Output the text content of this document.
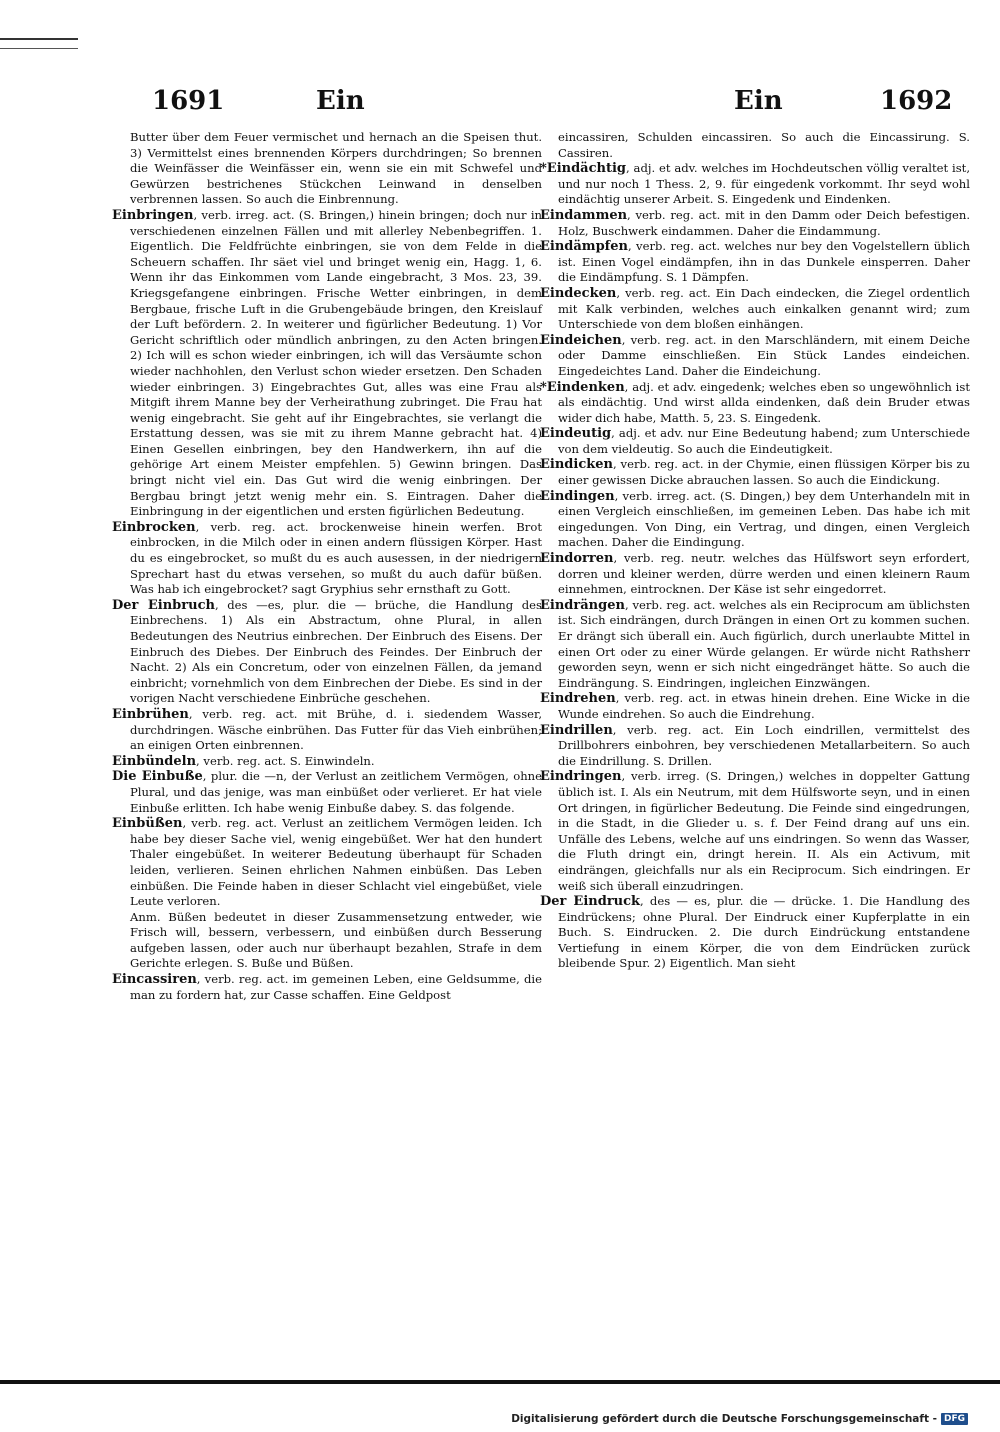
1691	Ein	Ein	1692

Butter über dem Feuer vermischet und hernach an die Speisen thut. 3) Vermittelst eines brennenden Körpers durchdringen; So brennen die Weinfässer die Weinfässer ein, wenn sie ein mit Schwefel und Gewürzen bestrichenes Stückchen Leinwand in denselben verbrennen lassen. So auch die Einbrennung.

Einbringen, verb. irreg. act. (S. Bringen,) hinein bringen; doch nur in verschiedenen einzelnen Fällen und mit allerley Nebenbegriffen. 1. Eigentlich. Die Feldfrüchte einbringen, sie von dem Felde in die Scheuern schaffen. Ihr säet viel und bringet wenig ein, Hagg. 1, 6. Wenn ihr das Einkommen vom Lande eingebracht, 3 Mos. 23, 39. Kriegsgefangene einbringen. Frische Wetter einbringen, in dem Bergbaue, frische Luft in die Grubengebäude bringen, den Kreislauf der Luft befördern. 2. In weiterer und figürlicher Bedeutung. 1) Vor Gericht schriftlich oder mündlich anbringen, zu den Acten bringen. 2) Ich will es schon wieder einbringen, ich will das Versäumte schon wieder nachhohlen, den Verlust schon wieder ersetzen. Den Schaden wieder einbringen. 3) Eingebrachtes Gut, alles was eine Frau als Mitgift ihrem Manne bey der Verheirathung zubringet. Die Frau hat wenig eingebracht. Sie geht auf ihr Eingebrachtes, sie verlangt die Erstattung dessen, was sie mit zu ihrem Manne gebracht hat. 4) Einen Gesellen einbringen, bey den Handwerkern, ihn auf die gehörige Art einem Meister empfehlen. 5) Gewinn bringen. Das bringt nicht viel ein. Das Gut wird die wenig einbringen. Der Bergbau bringt jetzt wenig mehr ein. S. Eintragen. Daher die Einbringung in der eigentlichen und ersten figürlichen Bedeutung.

Einbrocken, verb. reg. act. brockenweise hinein werfen. Brot einbrocken, in die Milch oder in einen andern flüssigen Körper. Hast du es eingebrocket, so mußt du es auch ausessen, in der niedrigern Sprechart hast du etwas versehen, so mußt du auch dafür büßen. Was hab ich eingebrocket? sagt Gryphius sehr ernsthaft zu Gott.

Der Einbruch, des —es, plur. die — brüche, die Handlung des Einbrechens. 1) Als ein Abstractum, ohne Plural, in allen Bedeutungen des Neutrius einbrechen. Der Einbruch des Eisens. Der Einbruch des Diebes. Der Einbruch des Feindes. Der Einbruch der Nacht. 2) Als ein Concretum, oder von einzelnen Fällen, da jemand einbricht; vornehmlich von dem Einbrechen der Diebe. Es sind in der vorigen Nacht verschiedene Einbrüche geschehen.

Einbrühen, verb. reg. act. mit Brühe, d. i. siedendem Wasser, durchdringen. Wäsche einbrühen. Das Futter für das Vieh einbrühen; an einigen Orten einbrennen.

Einbündeln, verb. reg. act. S. Einwindeln.

Die Einbuße, plur. die —n, der Verlust an zeitlichem Vermögen, ohne Plural, und das jenige, was man einbüßet oder verlieret. Er hat viele Einbuße erlitten. Ich habe wenig Einbuße dabey. S. das folgende.

Einbüßen, verb. reg. act. Verlust an zeitlichem Vermögen leiden. Ich habe bey dieser Sache viel, wenig eingebüßet. Wer hat den hundert Thaler eingebüßet. In weiterer Bedeutung überhaupt für Schaden leiden, verlieren. Seinen ehrlichen Nahmen einbüßen. Das Leben einbüßen. Die Feinde haben in dieser Schlacht viel eingebüßet, viele Leute verloren.

Anm. Büßen bedeutet in dieser Zusammensetzung entweder, wie Frisch will, bessern, verbessern, und einbüßen durch Besserung aufgeben lassen, oder auch nur überhaupt bezahlen, Strafe in dem Gerichte erlegen. S. Buße und Büßen.

Eincassiren, verb. reg. act. im gemeinen Leben, eine Geldsumme, die man zu fordern hat, zur Casse schaffen. Eine Geldpost

eincassiren, Schulden eincassiren. So auch die Eincassirung. S. Cassiren.

*Eindächtig, adj. et adv. welches im Hochdeutschen völlig veraltet ist, und nur noch 1 Thess. 2, 9. für eingedenk vorkommt. Ihr seyd wohl eindächtig unserer Arbeit. S. Eingedenk und Eindenken.

Eindammen, verb. reg. act. mit in den Damm oder Deich befestigen. Holz, Buschwerk eindammen. Daher die Eindammung.

Eindämpfen, verb. reg. act. welches nur bey den Vogelstellern üblich ist. Einen Vogel eindämpfen, ihn in das Dunkele einsperren. Daher die Eindämpfung. S. 1 Dämpfen.

Eindecken, verb. reg. act. Ein Dach eindecken, die Ziegel ordentlich mit Kalk verbinden, welches auch einkalken genannt wird; zum Unterschiede von dem bloßen einhängen.

Eindeichen, verb. reg. act. in den Marschländern, mit einem Deiche oder Damme einschließen. Ein Stück Landes eindeichen. Eingedeichtes Land. Daher die Eindeichung.

*Eindenken, adj. et adv. eingedenk; welches eben so ungewöhnlich ist als eindächtig. Und wirst allda eindenken, daß dein Bruder etwas wider dich habe, Matth. 5, 23. S. Eingedenk.

Eindeutig, adj. et adv. nur Eine Bedeutung habend; zum Unterschiede von dem vieldeutig. So auch die Eindeutigkeit.

Eindicken, verb. reg. act. in der Chymie, einen flüssigen Körper bis zu einer gewissen Dicke abrauchen lassen. So auch die Eindickung.

Eindingen, verb. irreg. act. (S. Dingen,) bey dem Unterhandeln mit in einen Vergleich einschließen, im gemeinen Leben. Das habe ich mit eingedungen. Von Ding, ein Vertrag, und dingen, einen Vergleich machen. Daher die Eindingung.

Eindorren, verb. reg. neutr. welches das Hülfswort seyn erfordert, dorren und kleiner werden, dürre werden und einen kleinern Raum einnehmen, eintrocknen. Der Käse ist sehr eingedorret.

Eindrängen, verb. reg. act. welches als ein Reciprocum am üblichsten ist. Sich eindrängen, durch Drängen in einen Ort zu kommen suchen. Er drängt sich überall ein. Auch figürlich, durch unerlaubte Mittel in einen Ort oder zu einer Würde gelangen. Er würde nicht Rathsherr geworden seyn, wenn er sich nicht eingedränget hätte. So auch die Eindrängung. S. Eindringen, ingleichen Einzwängen.

Eindrehen, verb. reg. act. in etwas hinein drehen. Eine Wicke in die Wunde eindrehen. So auch die Eindrehung.

Eindrillen, verb. reg. act. Ein Loch eindrillen, vermittelst des Drillbohrers einbohren, bey verschiedenen Metallarbeitern. So auch die Eindrillung. S. Drillen.

Eindringen, verb. irreg. (S. Dringen,) welches in doppelter Gattung üblich ist. I. Als ein Neutrum, mit dem Hülfsworte seyn, und in einen Ort dringen, in figürlicher Bedeutung. Die Feinde sind eingedrungen, in die Stadt, in die Glieder u. s. f. Der Feind drang auf uns ein. Unfälle des Lebens, welche auf uns eindringen. So wenn das Wasser, die Fluth dringt ein, dringt herein. II. Als ein Activum, mit eindrängen, gleichfalls nur als ein Reciprocum. Sich eindringen. Er weiß sich überall einzudringen.

Der Eindruck, des — es, plur. die — drücke. 1. Die Handlung des Eindrückens; ohne Plural. Der Eindruck einer Kupferplatte in ein Buch. S. Eindrucken. 2. Die durch Eindrückung entstandene Vertiefung in einem Körper, die von dem Eindrücken zurück bleibende Spur. 2) Eigentlich. Man sieht

Digitalisierung gefördert durch die Deutsche Forschungsgemeinschaft - DFG
